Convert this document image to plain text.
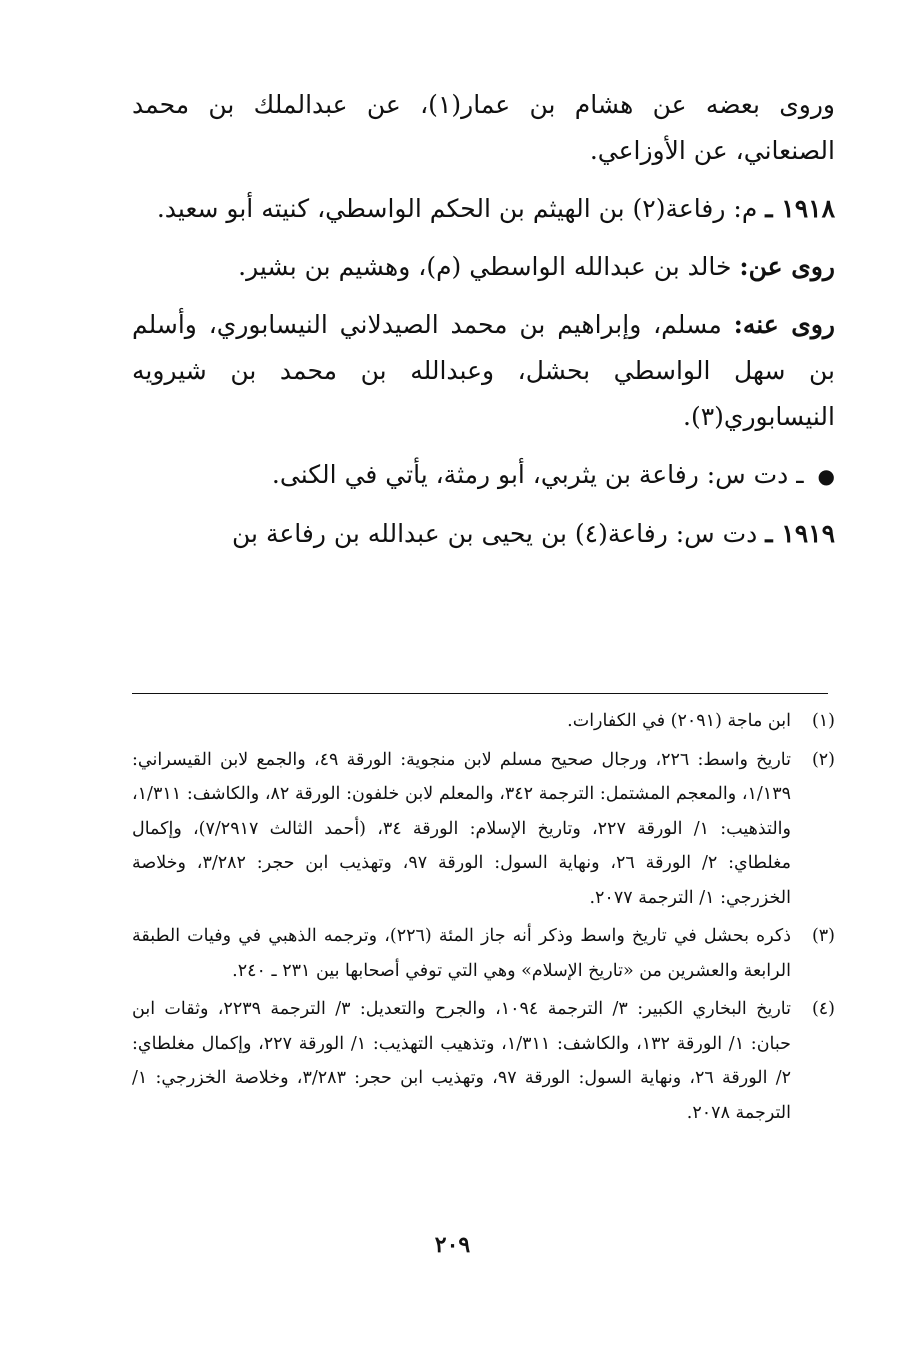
وروى بعضه عن هشام بن عمار(١)، عن عبدالملك بن محمد الصنعاني، عن الأوزاعي.

١٩١٨ ـ م: رفاعة(٢) بن الهيثم بن الحكم الواسطي، كنيته أبو سعيد.

روى عن: خالد بن عبدالله الواسطي (م)، وهشيم بن بشير.

روى عنه: مسلم، وإبراهيم بن محمد الصيدلاني النيسابوري، وأسلم بن سهل الواسطي بحشل، وعبدالله بن محمد بن شيرويه النيسابوري(٣).

● ـ دت س: رفاعة بن يثربي، أبو رمثة، يأتي في الكنى.

١٩١٩ ـ دت س: رفاعة(٤) بن يحيى بن عبدالله بن رفاعة بن

(١)
ابن ماجة (٢٠٩١) في الكفارات.
(٢)
تاريخ واسط: ٢٢٦، ورجال صحيح مسلم لابن منجوية: الورقة ٤٩، والجمع لابن القيسراني: ١/١٣٩، والمعجم المشتمل: الترجمة ٣٤٢، والمعلم لابن خلفون: الورقة ٨٢، والكاشف: ١/٣١١، والتذهيب: ١/ الورقة ٢٢٧، وتاريخ الإسلام: الورقة ٣٤، (أحمد الثالث ٧/٢٩١٧)، وإكمال مغلطاي: ٢/ الورقة ٢٦، ونهاية السول: الورقة ٩٧، وتهذيب ابن حجر: ٣/٢٨٢، وخلاصة الخزرجي: ١/ الترجمة ٢٠٧٧.
(٣)
ذكره بحشل في تاريخ واسط وذكر أنه جاز المئة (٢٢٦)، وترجمه الذهبي في وفيات الطبقة الرابعة والعشرين من «تاريخ الإسلام» وهي التي توفي أصحابها بين ٢٣١ ـ ٢٤٠.
(٤)
تاريخ البخاري الكبير: ٣/ الترجمة ١٠٩٤، والجرح والتعديل: ٣/ الترجمة ٢٢٣٩، وثقات ابن حبان: ١/ الورقة ١٣٢، والكاشف: ١/٣١١، وتذهيب التهذيب: ١/ الورقة ٢٢٧، وإكمال مغلطاي: ٢/ الورقة ٢٦، ونهاية السول: الورقة ٩٧، وتهذيب ابن حجر: ٣/٢٨٣، وخلاصة الخزرجي: ١/ الترجمة ٢٠٧٨.
٢٠٩
